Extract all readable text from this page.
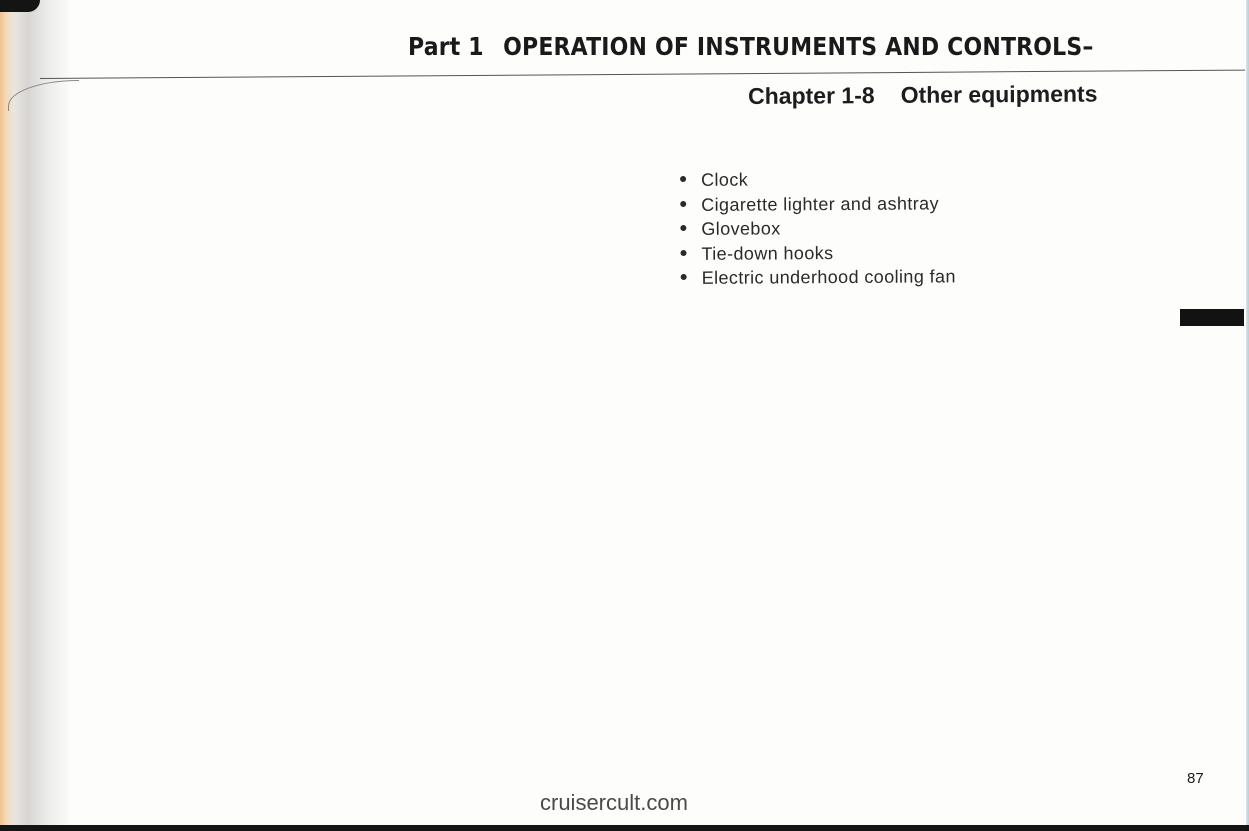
Part 1 OPERATION OF INSTRUMENTS AND CONTROLS–
Chapter 1-8 Other equipments
Clock
Cigarette lighter and ashtray
Glovebox
Tie-down hooks
Electric underhood cooling fan
87
cruisercult.com
